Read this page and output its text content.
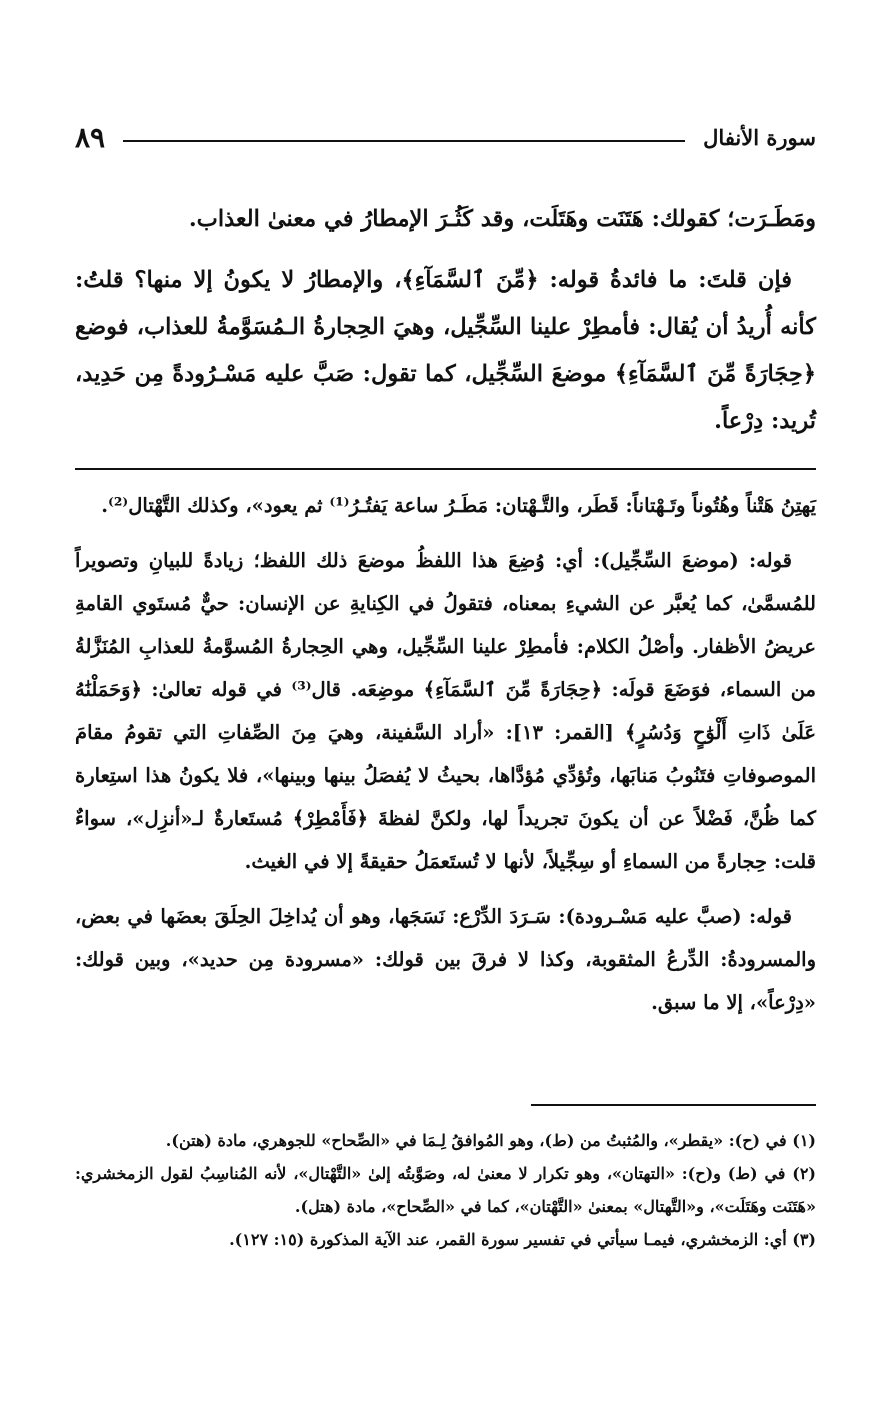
سورة الأنفال
٨٩

ومَطَـرَت؛ كقولك: هَتَنَت وهَتَلَت، وقد كَثُـرَ الإمطارُ في معنىٰ العذاب.

فإن قلتَ: ما فائدةُ قوله: ﴿مِّنَ ٱلسَّمَآءِ﴾، والإمطارُ لا يكونُ إلا منها؟ قلتُ: كأنه أُريدُ أن يُقال: فأمطِرْ علينا السِّجِّيل، وهيَ الحِجارةُ الـمُسَوَّمةُ للعذاب، فوضع ﴿حِجَارَةً مِّنَ ٱلسَّمَآءِ﴾ موضعَ السِّجِّيل، كما تقول: صَبَّ عليه مَسْـرُودةً مِن حَدِيد، تُريد: دِرْعاً.

يَهتِنُ هَتْناً وهُتُوناً وتَـهْتاناً: قَطَر، والتَّـهْتان: مَطَـرُ ساعة يَفتُـرُ⁽¹⁾ ثم يعود»، وكذلك التَّهْتال⁽²⁾.

قوله: (موضعَ السِّجِّيل): أي: وُضِعَ هذا اللفظُ موضعَ ذلك اللفظ؛ زيادةً للبيانِ وتصويراً للمُسمَّىٰ، كما يُعبَّر عن الشيءِ بمعناه، فتقولُ في الكِنايةِ عن الإنسان: حيٌّ مُستَوي القامةِ عريضُ الأظفار. وأصْلُ الكلام: فأمطِرْ علينا السِّجِّيل، وهي الحِجارةُ المُسوَّمةُ للعذابِ المُنَزَّلةُ من السماء، فوَضَعَ قولَه: ﴿حِجَارَةً مِّنَ ٱلسَّمَآءِ﴾ موضِعَه. قال⁽³⁾ في قوله تعالىٰ: ﴿وَحَمَلْنَٰهُ عَلَىٰ ذَاتِ أَلْوَٰحٍ وَدُسُرٍ﴾ [القمر: ١٣]: «أراد السَّفينة، وهيَ مِنَ الصِّفاتِ التي تقومُ مقامَ الموصوفاتِ فتَنُوبُ مَنابَها، وتُؤدِّي مُؤدَّاها، بحيثُ لا يُفصَلُ بينها وبينها»، فلا يكونُ هذا استِعارة كما ظُنَّ، فَضْلاً عن أن يكونَ تجريداً لها، ولكنَّ لفظةَ ﴿فَأَمْطِرْ﴾ مُستَعارةٌ لـ«أنزِل»، سواءٌ قلت: حِجارةً من السماءِ أو سِجِّيلاً، لأنها لا تُستَعمَلُ حقيقةً إلا في الغيث.

قوله: (صبَّ عليه مَسْـرودة): سَـرَدَ الدِّرْع: نَسَجَها، وهو أن يُداخِلَ الحِلَقَ بعضَها في بعض، والمسرودةُ: الدِّرعُ المثقوبة، وكذا لا فرقَ بين قولك: «مسرودة مِن حديد»، وبين قولك: «دِرْعاً»، إلا ما سبق.

(١) في (ح): «يقطر»، والمُثبتُ من (ط)، وهو المُوافقُ لِـمَا في «الصِّحاح» للجوهري، مادة (هتن).

(٢) في (ط) و(ح): «التهتان»، وهو تكرار لا معنىٰ له، وصَوَّبتُه إلىٰ «التَّهْتال»، لأنه المُناسِبُ لقول الزمخشري: «هَتَنَت وهَتَلَت»، و«التَّهتال» بمعنىٰ «التَّهْتان»، كما في «الصِّحاح»، مادة (هتل).

(٣) أي: الزمخشري، فيمـا سيأتي في تفسير سورة القمر، عند الآية المذكورة (١٥: ١٢٧).
